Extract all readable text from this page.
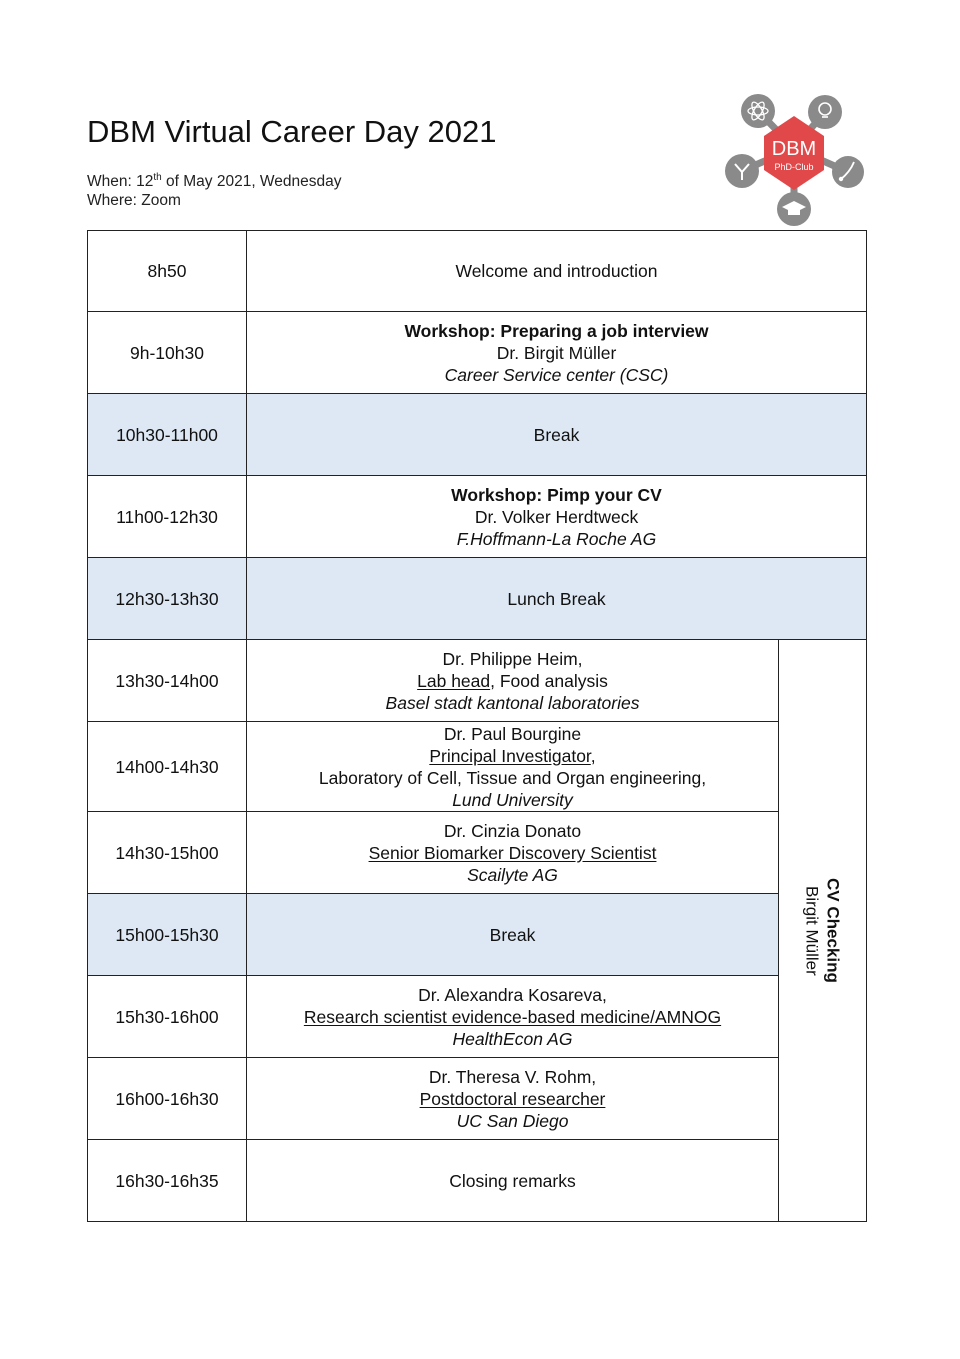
DBM Virtual Career Day 2021
When: 12th of May 2021, Wednesday
Where: Zoom
DBM
PhD-Club
8h50	Welcome and introduction	
9h-10h30	Workshop: Preparing a job interview
Dr. Birgit Müller
Career Service center (CSC)	

10h30-11h00	Break	
11h00-12h30	Workshop: Pimp your CV
Dr. Volker Herdtweck
F.Hoffmann-La Roche AG	

12h30-13h30	Lunch Break	
13h30-14h00	Dr. Philippe Heim,
Lab head, Food analysis
Basel stadt kantonal laboratories	CV Checking
Birgit Müller

14h00-14h30	Dr. Paul Bourgine
Principal Investigator,
Laboratory of Cell, Tissue and Organ engineering,
Lund University	

14h30-15h00	Dr. Cinzia Donato
Senior Biomarker Discovery Scientist
Scailyte AG	

15h00-15h30	Break	
15h30-16h00	Dr. Alexandra Kosareva,
Research scientist evidence-based medicine/AMNOG
HealthEcon AG	

16h00-16h30	Dr. Theresa V. Rohm,
Postdoctoral researcher
UC San Diego	

16h30-16h35	Closing remarks	
